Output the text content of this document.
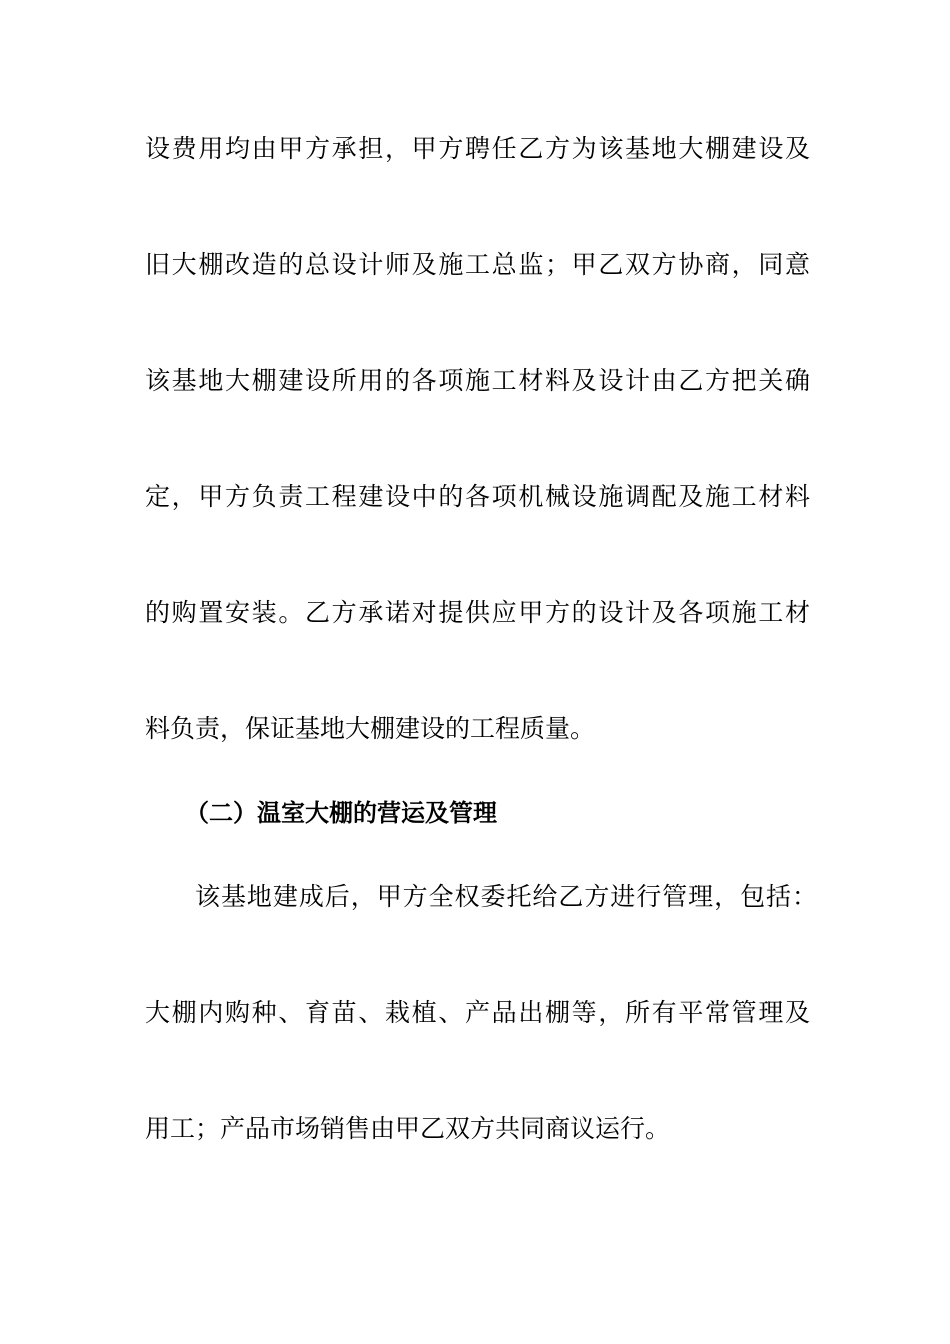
设费用均由甲方承担，甲方聘任乙方为该基地大棚建设及
旧大棚改造的总设计师及施工总监；甲乙双方协商，同意
该基地大棚建设所用的各项施工材料及设计由乙方把关确
定，甲方负责工程建设中的各项机械设施调配及施工材料
的购置安装。乙方承诺对提供应甲方的设计及各项施工材
料负责，保证基地大棚建设的工程质量。
（二）温室大棚的营运及管理
该基地建成后，甲方全权委托给乙方进行管理，包括：
大棚内购种、育苗、栽植、产品出棚等，所有平常管理及
用工；产品市场销售由甲乙双方共同商议运行。
